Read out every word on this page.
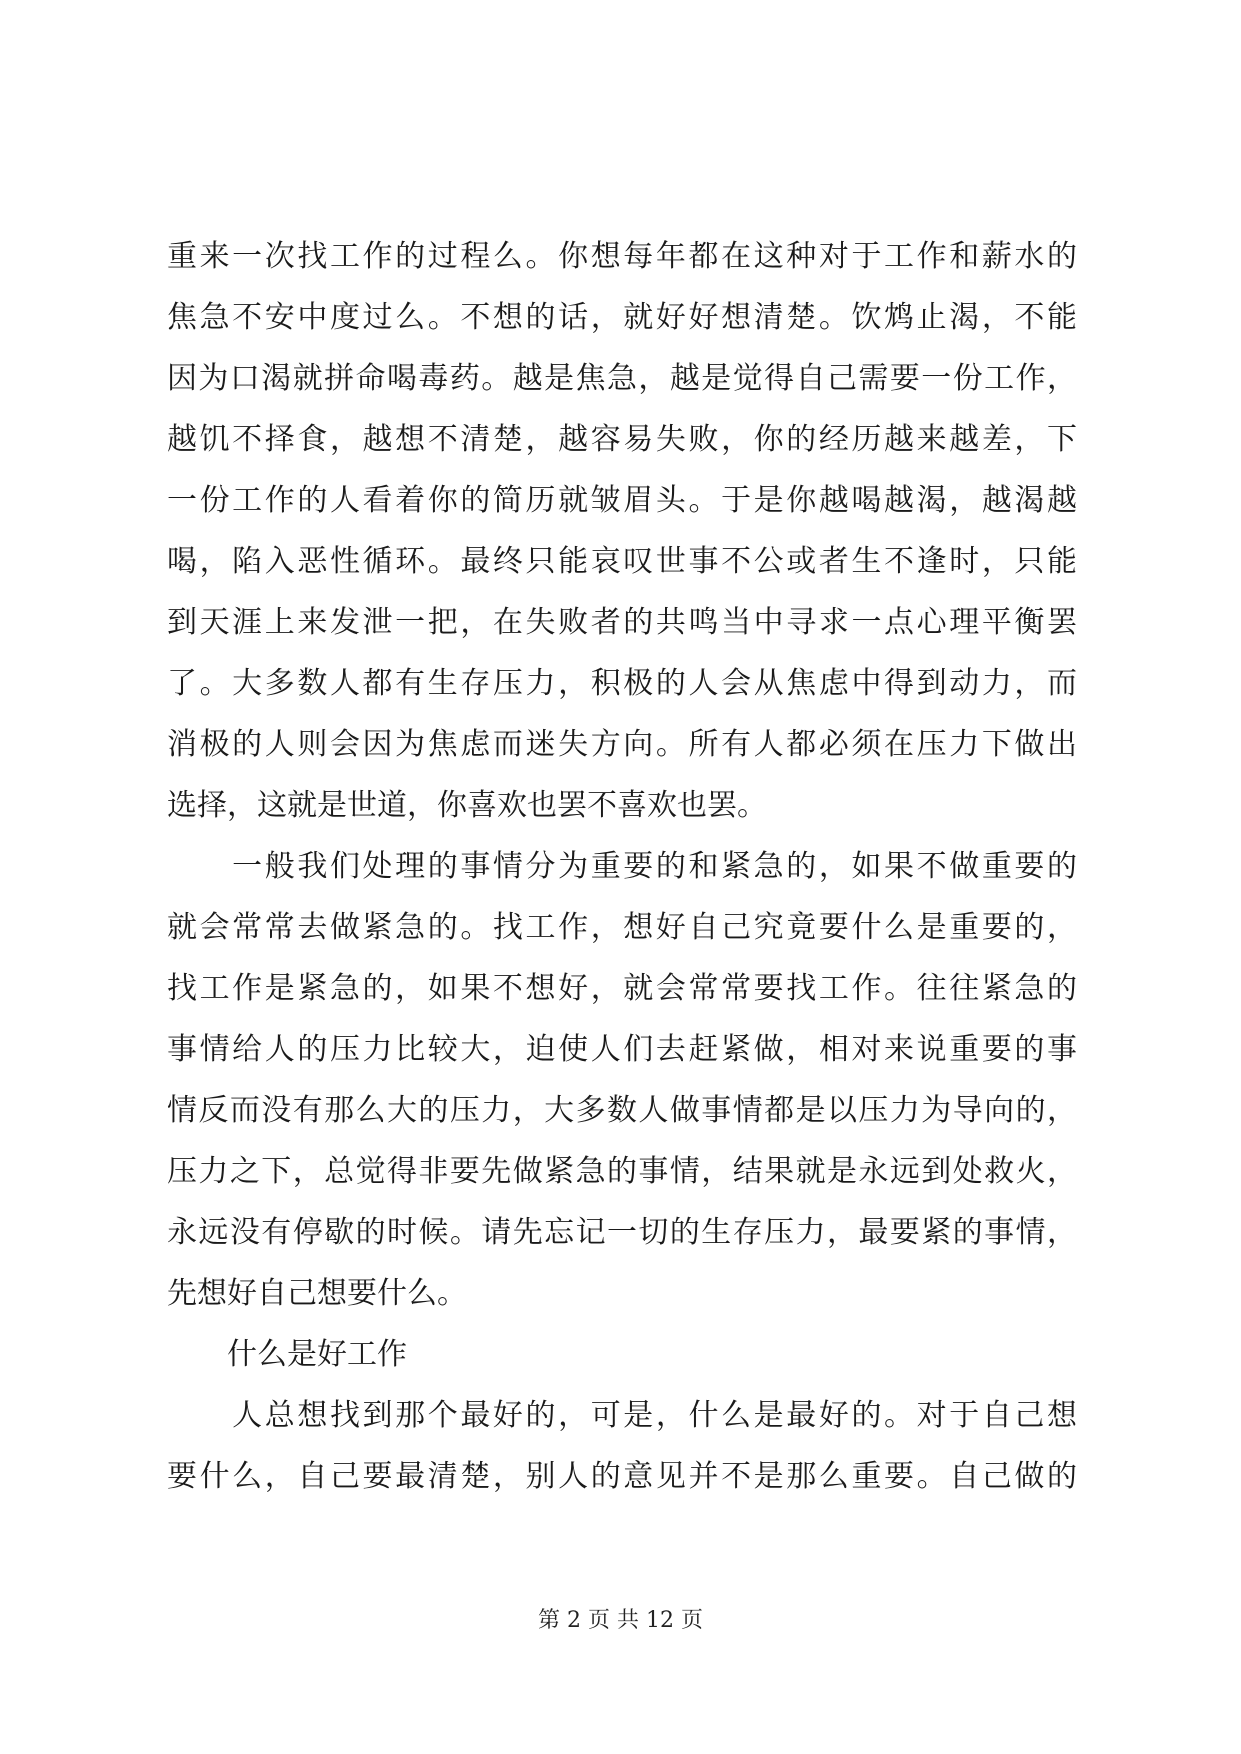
重来一次找工作的过程么。你想每年都在这种对于工作和薪水的
焦急不安中度过么。不想的话，就好好想清楚。饮鸩止渴，不能
因为口渴就拼命喝毒药。越是焦急，越是觉得自己需要一份工作，
越饥不择食，越想不清楚，越容易失败，你的经历越来越差，下
一份工作的人看着你的简历就皱眉头。于是你越喝越渴，越渴越
喝，陷入恶性循环。最终只能哀叹世事不公或者生不逢时，只能
到天涯上来发泄一把，在失败者的共鸣当中寻求一点心理平衡罢
了。大多数人都有生存压力，积极的人会从焦虑中得到动力，而
消极的人则会因为焦虑而迷失方向。所有人都必须在压力下做出
选择，这就是世道，你喜欢也罢不喜欢也罢。
　　一般我们处理的事情分为重要的和紧急的，如果不做重要的
就会常常去做紧急的。找工作，想好自己究竟要什么是重要的，
找工作是紧急的，如果不想好，就会常常要找工作。往往紧急的
事情给人的压力比较大，迫使人们去赶紧做，相对来说重要的事
情反而没有那么大的压力，大多数人做事情都是以压力为导向的，
压力之下，总觉得非要先做紧急的事情，结果就是永远到处救火，
永远没有停歇的时候。请先忘记一切的生存压力，最要紧的事情，
先想好自己想要什么。
　　什么是好工作
　　人总想找到那个最好的，可是，什么是最好的。对于自己想
要什么，自己要最清楚，别人的意见并不是那么重要。自己做的
第 2 页 共 12 页
